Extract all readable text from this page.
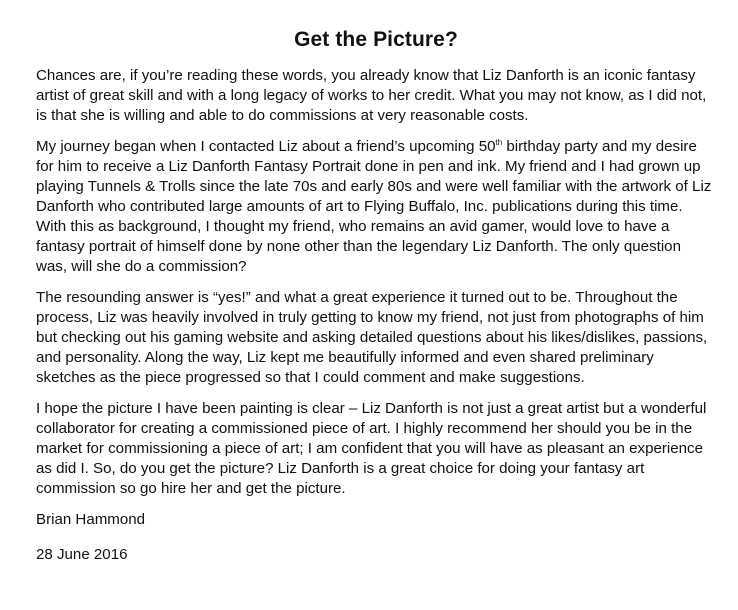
Get the Picture?

Chances are, if you’re reading these words, you already know that Liz Danforth is an iconic fantasy artist of great skill and with a long legacy of works to her credit. What you may not know, as I did not, is that she is willing and able to do commissions at very reasonable costs.

My journey began when I contacted Liz about a friend’s upcoming 50th birthday party and my desire for him to receive a Liz Danforth Fantasy Portrait done in pen and ink. My friend and I had grown up playing Tunnels & Trolls since the late 70s and early 80s and were well familiar with the artwork of Liz Danforth who contributed large amounts of art to Flying Buffalo, Inc. publications during this time. With this as background, I thought my friend, who remains an avid gamer, would love to have a fantasy portrait of himself done by none other than the legendary Liz Danforth. The only question was, will she do a commission?

The resounding answer is “yes!” and what a great experience it turned out to be. Throughout the process, Liz was heavily involved in truly getting to know my friend, not just from photographs of him but checking out his gaming website and asking detailed questions about his likes/dislikes, passions, and personality. Along the way, Liz kept me beautifully informed and even shared preliminary sketches as the piece progressed so that I could comment and make suggestions.

I hope the picture I have been painting is clear – Liz Danforth is not just a great artist but a wonderful collaborator for creating a commissioned piece of art. I highly recommend her should you be in the market for commissioning a piece of art; I am confident that you will have as pleasant an experience as did I. So, do you get the picture? Liz Danforth is a great choice for doing your fantasy art commission so go hire her and get the picture.

Brian Hammond
28 June 2016
